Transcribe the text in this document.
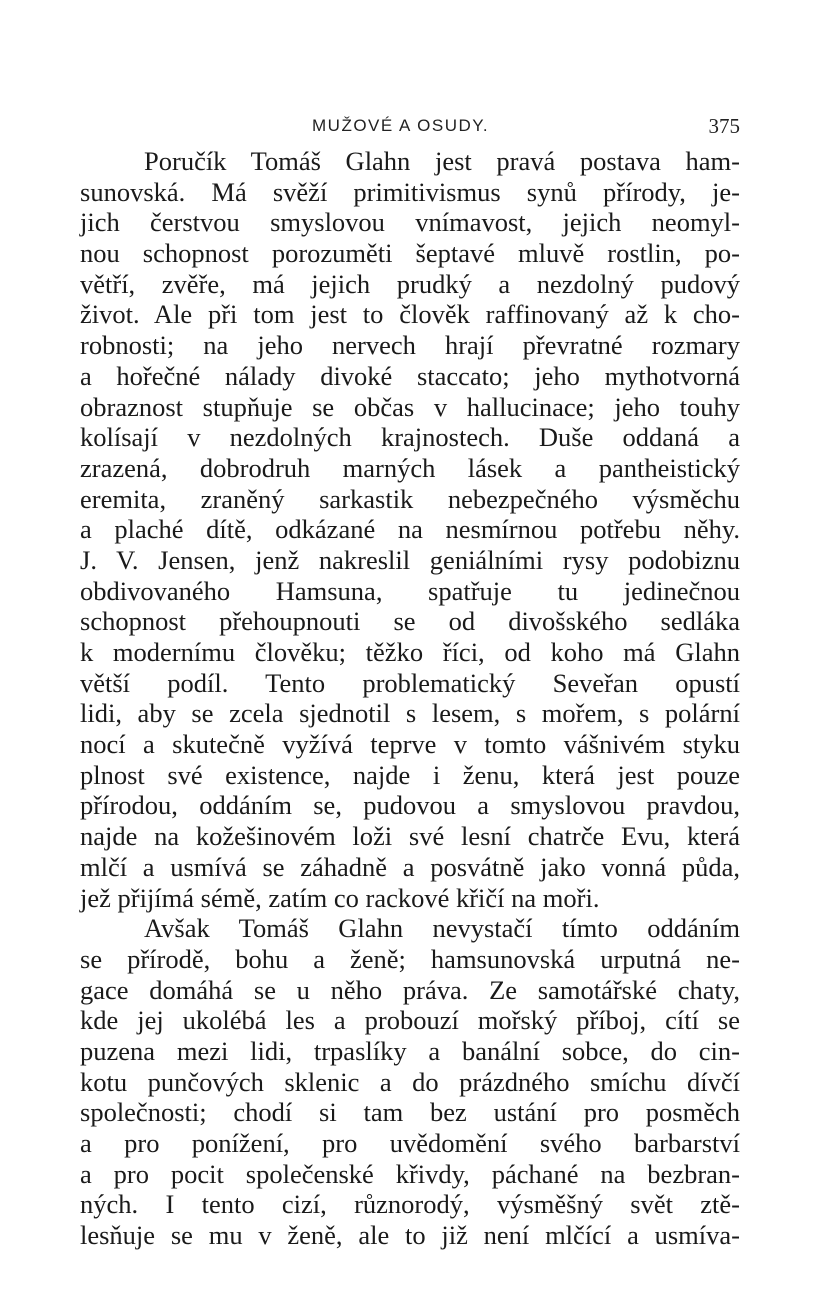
MUŽOVÉ A OSUDY.	375
Poručík Tomáš Glahn jest pravá postava ham-
sunovská. Má svěží primitivismus synů přírody, je-
jich čerstvou smyslovou vnímavost, jejich neomyl-
nou schopnost porozuměti šeptavé mluvě rostlin, po-
větří, zvěře, má jejich prudký a nezdolný pudový
život. Ale při tom jest to člověk raffinovaný až k cho-
robnosti; na jeho nervech hrají převratné rozmary
a hořečné nálady divoké staccato; jeho mythotvorná
obraznost stupňuje se občas v hallucinace; jeho touhy
kolísají v nezdolných krajnostech. Duše oddaná a
zrazená, dobrodruh marných lásek a pantheistický
eremita, zraněný sarkastik nebezpečného výsměchu
a plaché dítě, odkázané na nesmírnou potřebu něhy.
J. V. Jensen, jenž nakreslil geniálními rysy podobiznu
obdivovaného Hamsuna, spatřuje tu jedinečnou
schopnost přehoupnouti se od divošského sedláka
k modernímu člověku; těžko říci, od koho má Glahn
větší podíl. Tento problematický Seveřan opustí
lidi, aby se zcela sjednotil s lesem, s mořem, s polární
nocí a skutečně vyžívá teprve v tomto vášnivém styku
plnost své existence, najde i ženu, která jest pouze
přírodou, oddáním se, pudovou a smyslovou pravdou,
najde na kožešinovém loži své lesní chatrče Evu, která
mlčí a usmívá se záhadně a posvátně jako vonná půda,
jež přijímá sémě, zatím co rackové křičí na moři.
Avšak Tomáš Glahn nevystačí tímto oddáním
se přírodě, bohu a ženě; hamsunovská urputná ne-
gace domáhá se u něho práva. Ze samotářské chaty,
kde jej ukolébá les a probouzí mořský příboj, cítí se
puzena mezi lidi, trpaslíky a banální sobce, do cin-
kotu punčových sklenic a do prázdného smíchu dívčí
společnosti; chodí si tam bez ustání pro posměch
a pro ponížení, pro uvědomění svého barbarství
a pro pocit společenské křivdy, páchané na bezbran-
ných. I tento cizí, různorodý, výsměšný svět ztě-
lesňuje se mu v ženě, ale to již není mlčící a usmíva-
